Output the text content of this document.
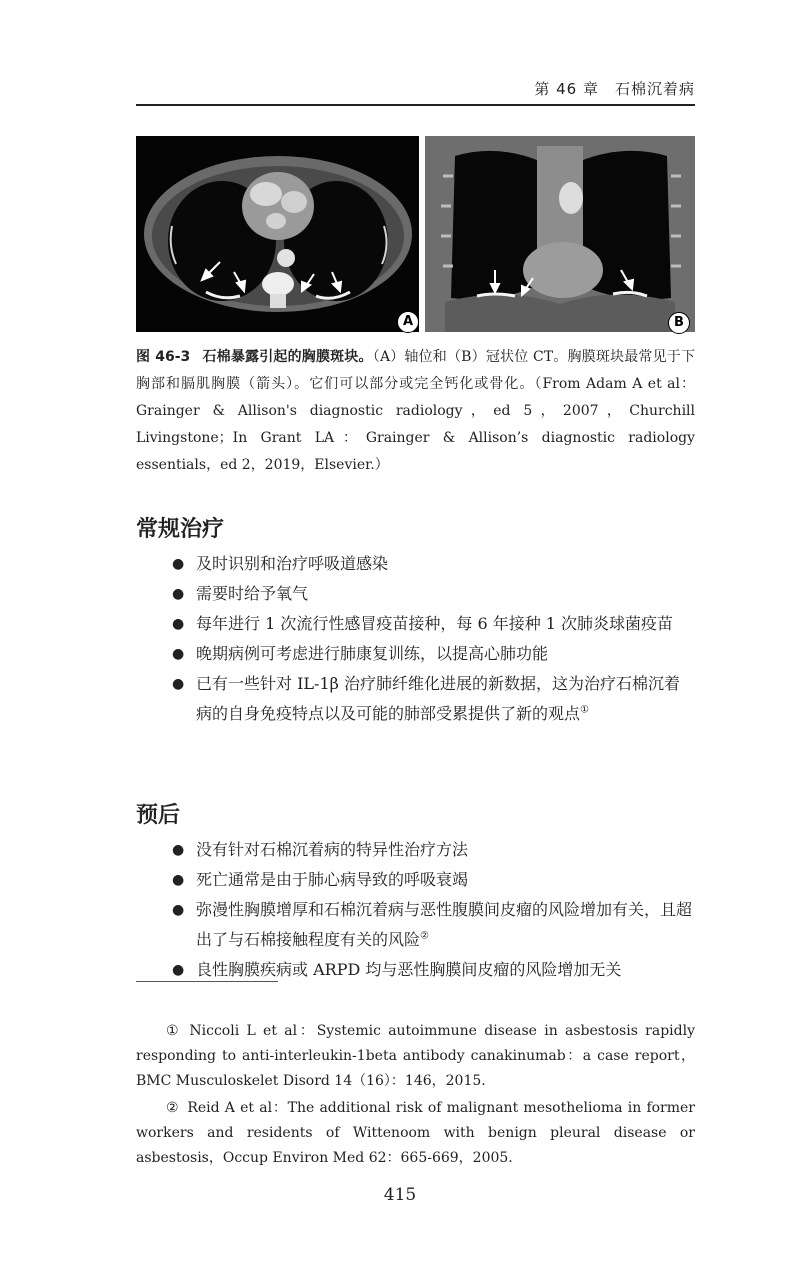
第 46 章　石棉沉着病
A	B
图 46-3 石棉暴露引起的胸膜斑块。（A）轴位和（B）冠状位 CT。胸膜斑块最常见于下胸部和膈肌胸膜（箭头）。它们可以部分或完全钙化或骨化。（From Adam A et al：Grainger & Allison's diagnostic radiology，ed 5，2007，Churchill Livingstone；In Grant LA：Grainger & Allison’s diagnostic radiology essentials，ed 2，2019，Elsevier.）
常规治疗
● 及时识别和治疗呼吸道感染
● 需要时给予氧气
● 每年进行 1 次流行性感冒疫苗接种，每 6 年接种 1 次肺炎球菌疫苗
● 晚期病例可考虑进行肺康复训练，以提高心肺功能
● 已有一些针对 IL-1β 治疗肺纤维化进展的新数据，这为治疗石棉沉着病的自身免疫特点以及可能的肺部受累提供了新的观点①
预后
● 没有针对石棉沉着病的特异性治疗方法
● 死亡通常是由于肺心病导致的呼吸衰竭
● 弥漫性胸膜增厚和石棉沉着病与恶性腹膜间皮瘤的风险增加有关，且超出了与石棉接触程度有关的风险②
● 良性胸膜疾病或 ARPD 均与恶性胸膜间皮瘤的风险增加无关

① Niccoli L et al：Systemic autoimmune disease in asbestosis rapidly responding to anti-interleukin-1beta antibody canakinumab：a case report，BMC Musculoskelet Disord 14（16）：146，2015.

② Reid A et al：The additional risk of malignant mesothelioma in former workers and residents of Wittenoom with benign pleural disease or asbestosis，Occup Environ Med 62：665-669，2005.

415
